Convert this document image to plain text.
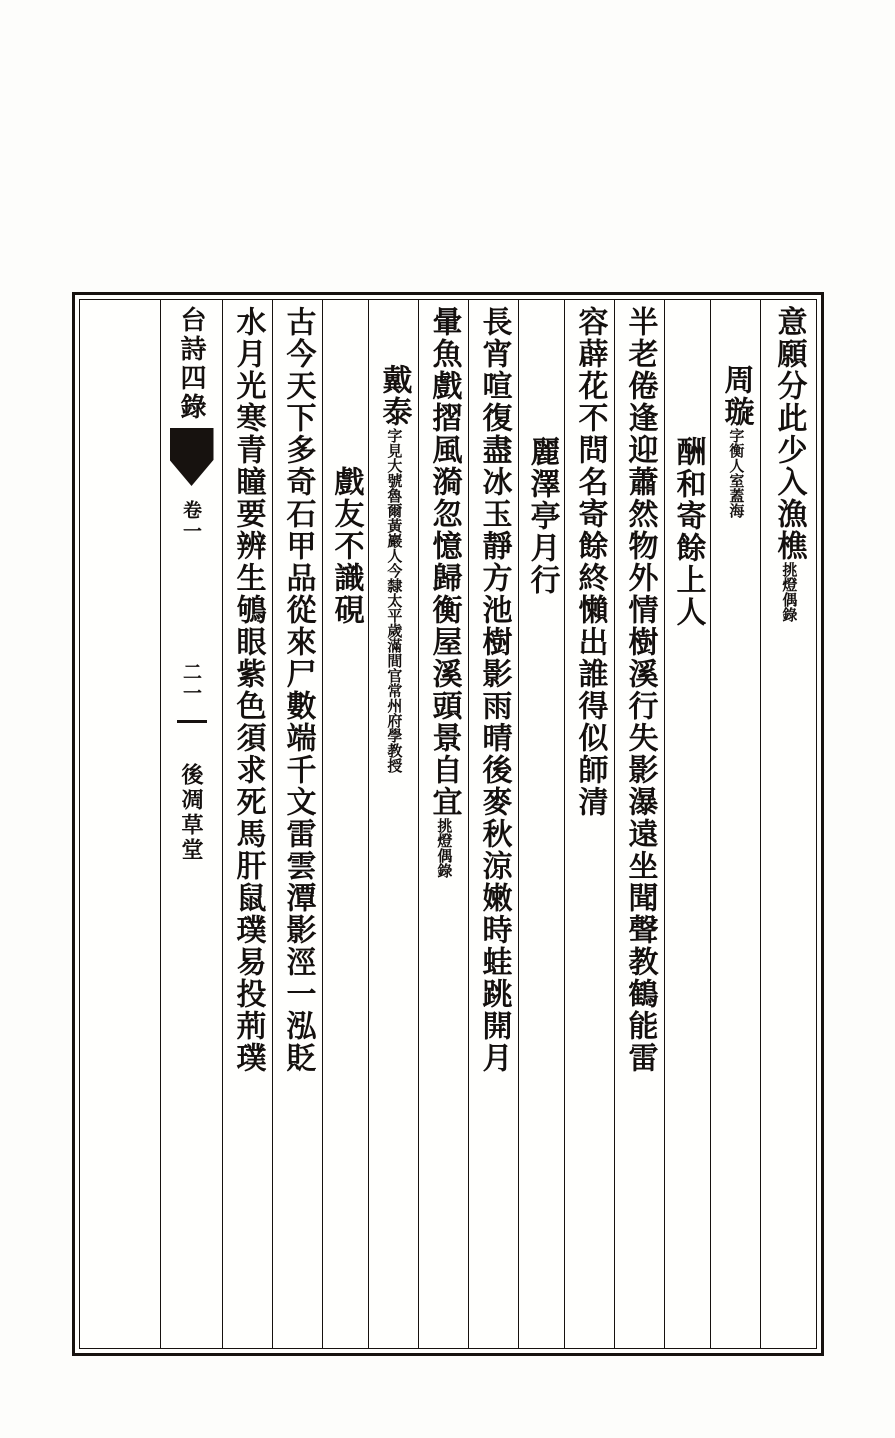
意願分此少入漁樵
挑燈偶錄
周璇
字衡人室蓋海
酬和寄餘上人
半老倦逢迎蕭然物外情樹溪行失影瀑遠坐聞聲教鶴能雷
容薜花不問名寄餘終懶出誰得似師清
麗澤亭月行
長宵喧復盡冰玉靜方池樹影雨晴後麥秋涼嫩時蛙跳開月
暈魚戲摺風漪忽憶歸衡屋溪頭景自宜
挑燈偶錄
戴泰
字見大號魯爾黃巖人今隸太平歲滿間官常州府學教授
戲友不識硯
古今天下多奇石甲品從來尸數端千文雷雲潭影涇一泓貶
水月光寒青瞳要辨生鴝眼紫色須求死馬肝鼠璞易投荊璞
台詩四錄
卷一
二一
後凋草堂
